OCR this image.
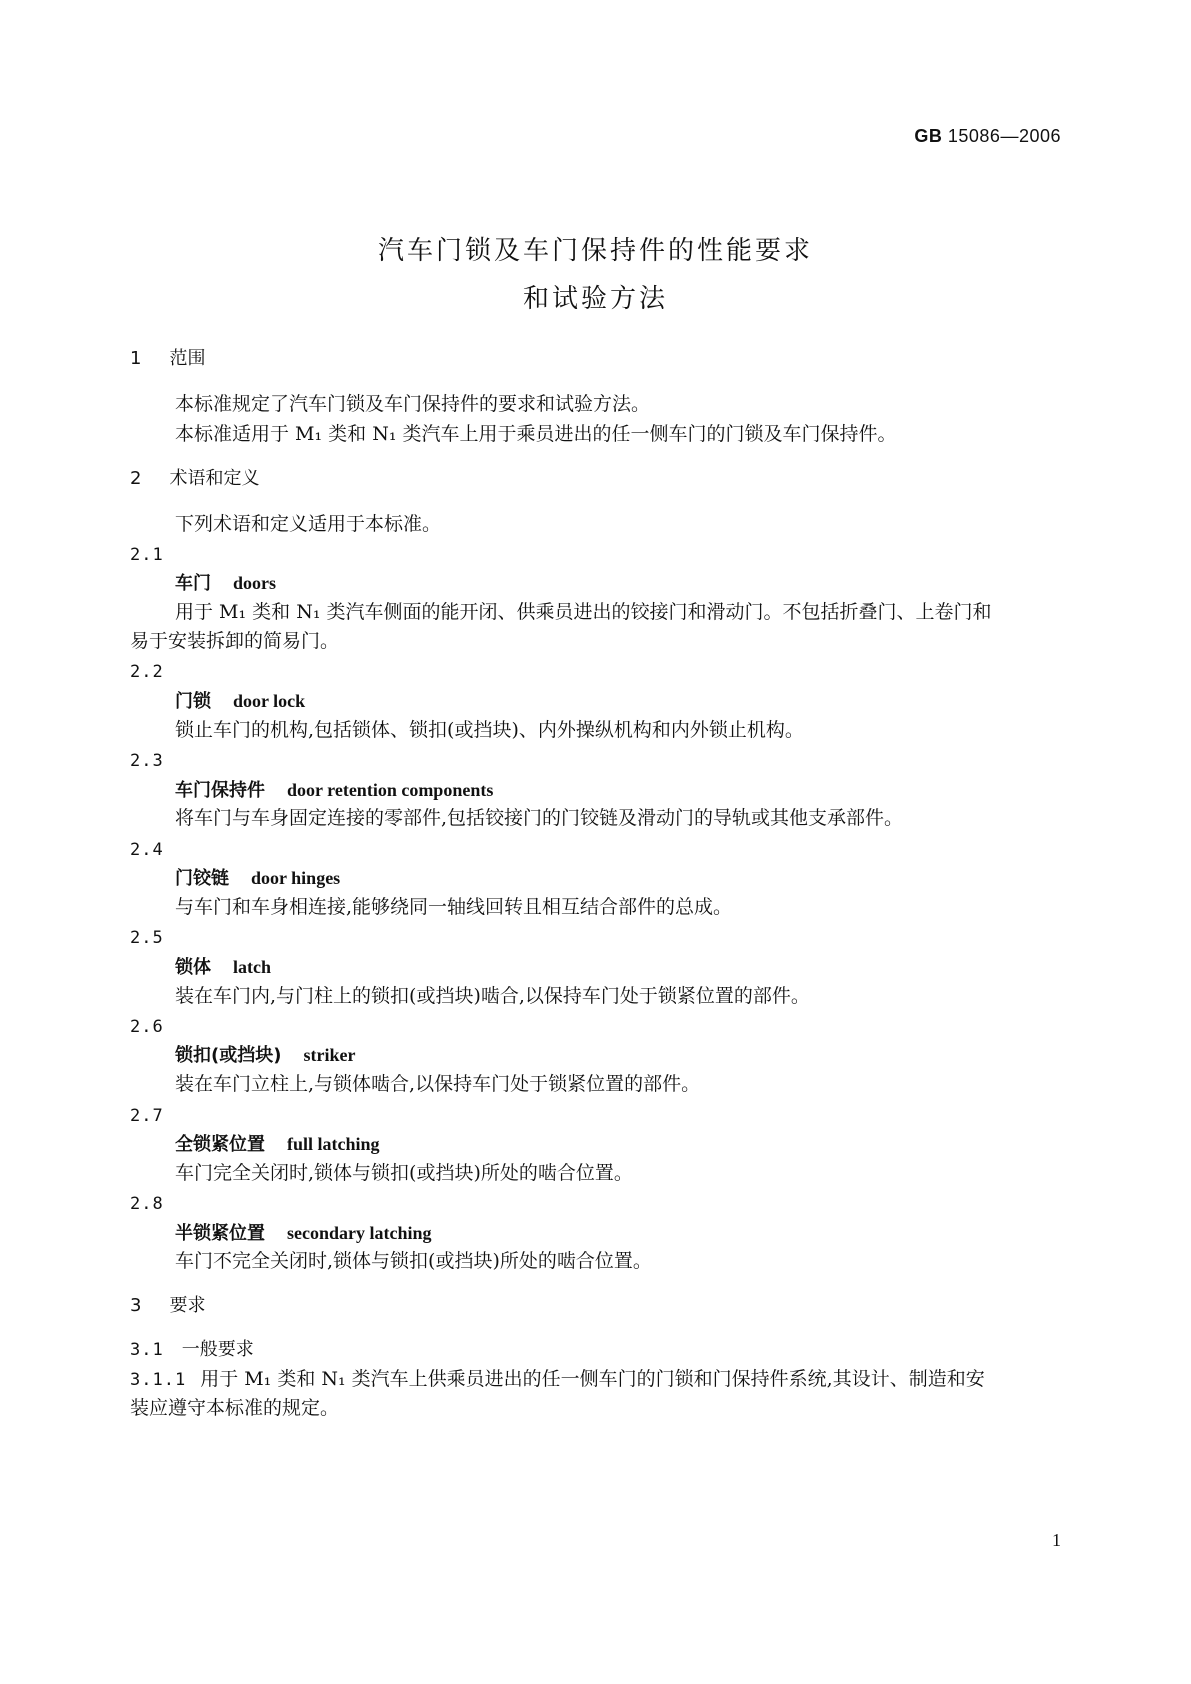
GB 15086—2006
汽车门锁及车门保持件的性能要求
和试验方法
1 范围
本标准规定了汽车门锁及车门保持件的要求和试验方法。
本标准适用于 M₁ 类和 N₁ 类汽车上用于乘员进出的任一侧车门的门锁及车门保持件。
2 术语和定义
下列术语和定义适用于本标准。
2.1
车门 doors
用于 M₁ 类和 N₁ 类汽车侧面的能开闭、供乘员进出的铰接门和滑动门。不包括折叠门、上卷门和
易于安装拆卸的简易门。
2.2
门锁 door lock
锁止车门的机构,包括锁体、锁扣(或挡块)、内外操纵机构和内外锁止机构。
2.3
车门保持件 door retention components
将车门与车身固定连接的零部件,包括铰接门的门铰链及滑动门的导轨或其他支承部件。
2.4
门铰链 door hinges
与车门和车身相连接,能够绕同一轴线回转且相互结合部件的总成。
2.5
锁体 latch
装在车门内,与门柱上的锁扣(或挡块)啮合,以保持车门处于锁紧位置的部件。
2.6
锁扣(或挡块) striker
装在车门立柱上,与锁体啮合,以保持车门处于锁紧位置的部件。
2.7
全锁紧位置 full latching
车门完全关闭时,锁体与锁扣(或挡块)所处的啮合位置。
2.8
半锁紧位置 secondary latching
车门不完全关闭时,锁体与锁扣(或挡块)所处的啮合位置。
3 要求
3.1 一般要求
3.1.1 用于 M₁ 类和 N₁ 类汽车上供乘员进出的任一侧车门的门锁和门保持件系统,其设计、制造和安
装应遵守本标准的规定。
1
